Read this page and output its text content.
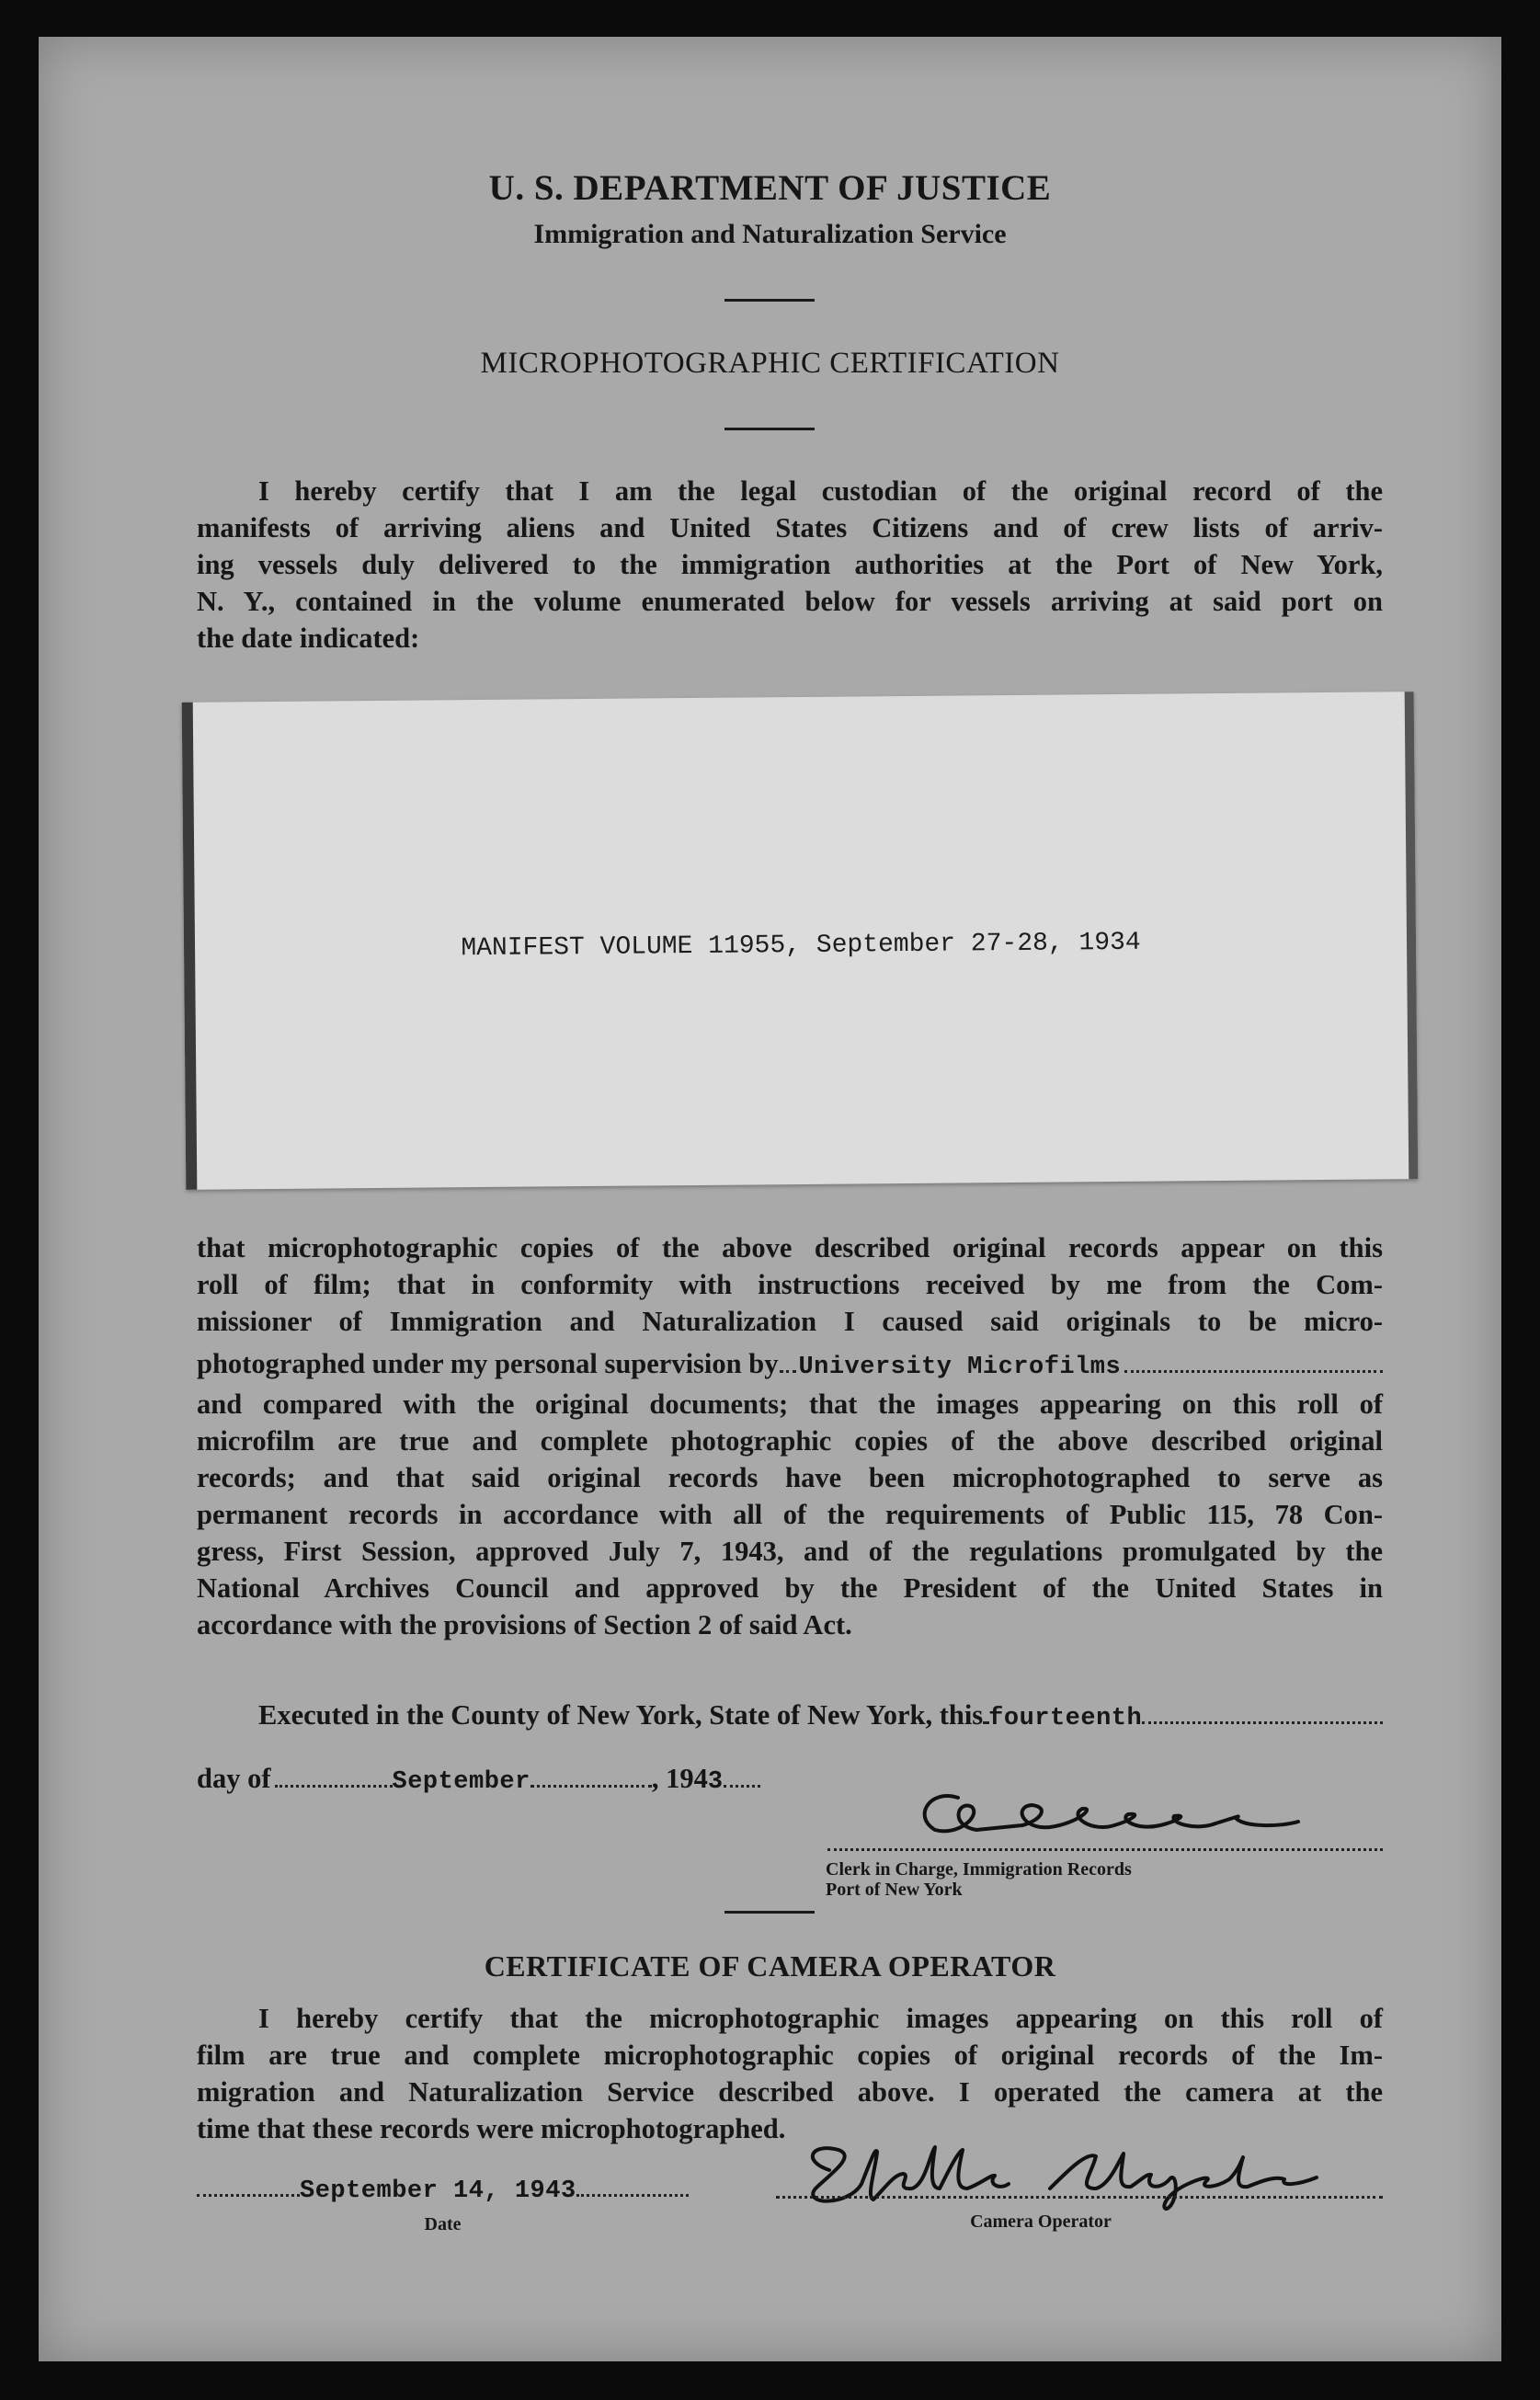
U. S. DEPARTMENT OF JUSTICE
Immigration and Naturalization Service
MICROPHOTOGRAPHIC CERTIFICATION

I hereby certify that I am the legal custodian of the original record of the

manifests of arriving aliens and United States Citizens and of crew lists of arriv-

ing vessels duly delivered to the immigration authorities at the Port of New York,

N. Y., contained in the volume enumerated below for vessels arriving at said port on

the date indicated:

MANIFEST VOLUME 11955, September 27-28, 1934

that microphotographic copies of the above described original records appear on this

roll of film; that in conformity with instructions received by me from the Com-

missioner of Immigration and Naturalization I caused said originals to be micro-

photographed under my personal supervision by University Microfilms

and compared with the original documents; that the images appearing on this roll of

microfilm are true and complete photographic copies of the above described original

records; and that said original records have been microphotographed to serve as

permanent records in accordance with all of the requirements of Public 115, 78 Con-

gress, First Session, approved July 7, 1943, and of the regulations promulgated by the

National Archives Council and approved by the President of the United States in

accordance with the provisions of Section 2 of said Act.

Executed in the County of New York, State of New York, this fourteenth
day of	September	, 194 3
Clerk in Charge, Immigration Records
Port of New York
CERTIFICATE OF CAMERA OPERATOR

I hereby certify that the microphotographic images appearing on this roll of

film are true and complete microphotographic copies of original records of the Im-

migration and Naturalization Service described above. I operated the camera at the

time that these records were microphotographed.

September 14, 1943
Date	Camera Operator
